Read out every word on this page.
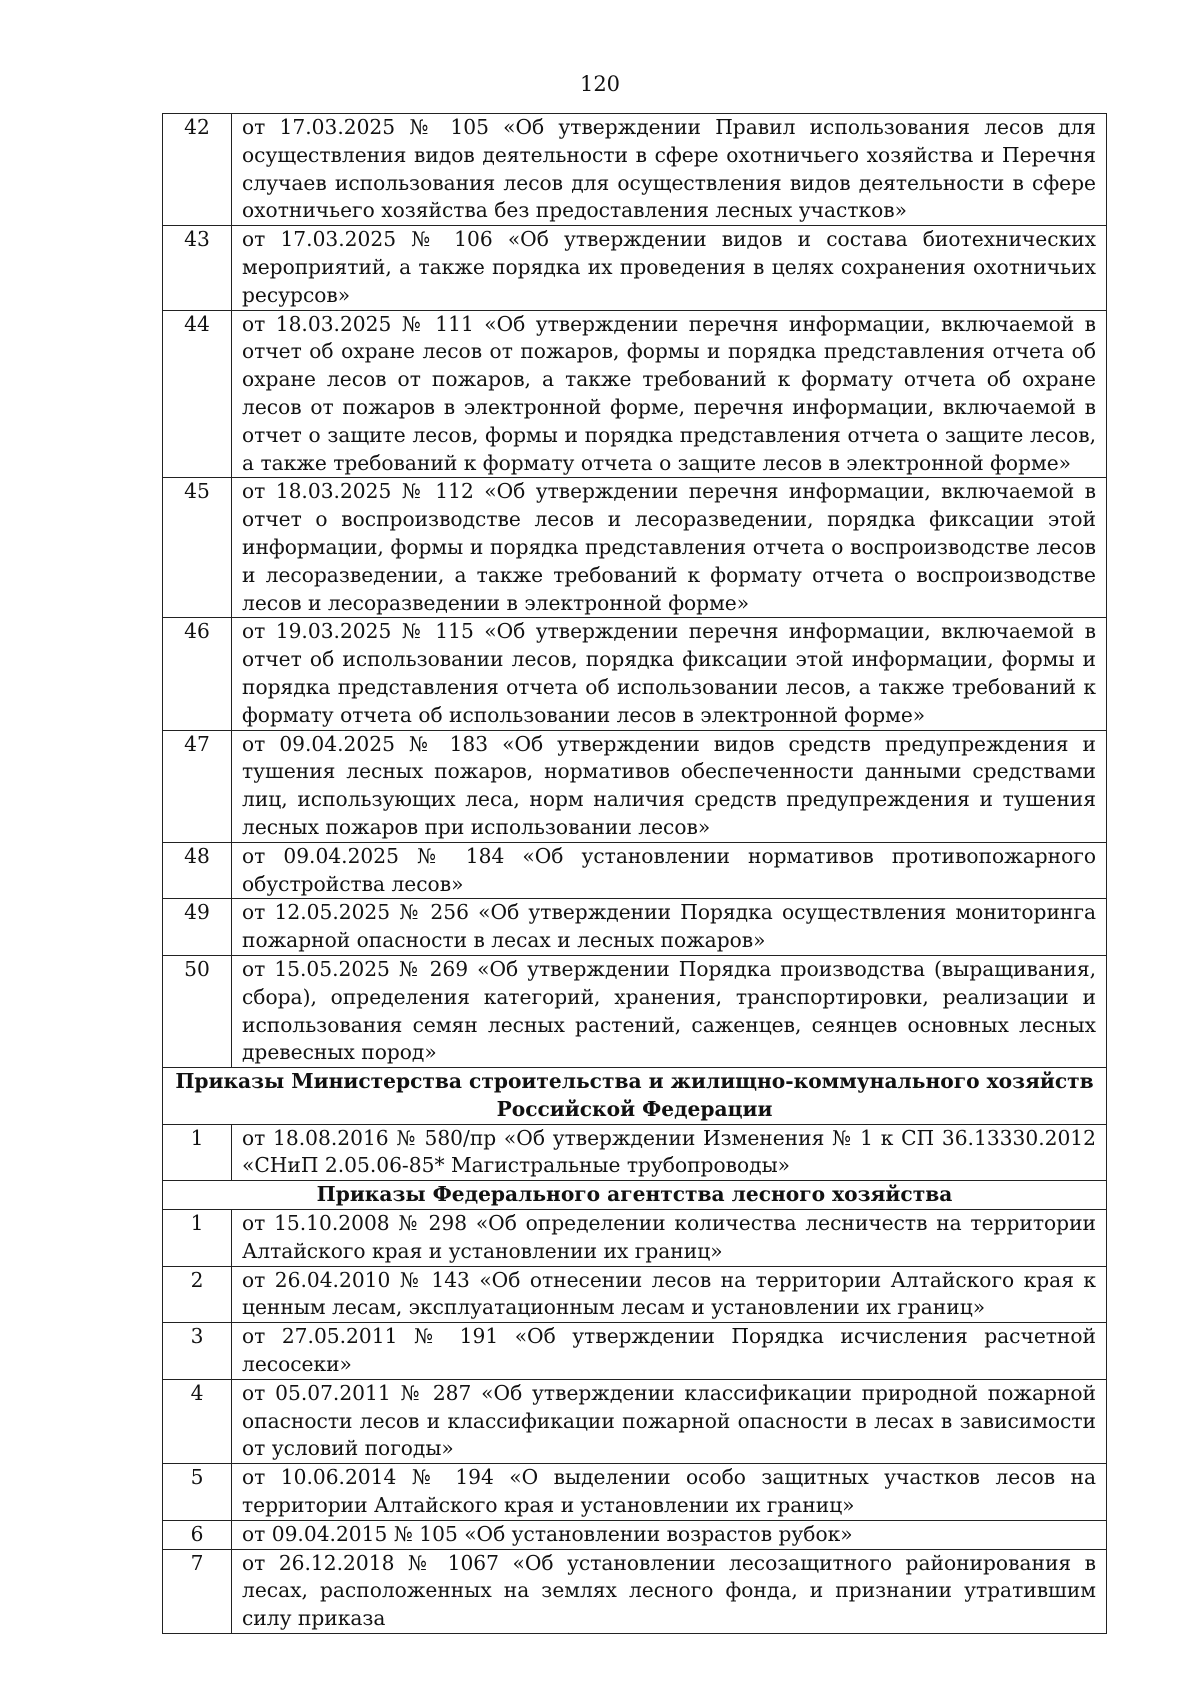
120
42	от 17.03.2025 № 105 «Об утверждении Правил использования лесов для осуществления видов деятельности в сфере охотничьего хозяйства и Перечня случаев использования лесов для осуществления видов деятельности в сфере охотничьего хозяйства без предоставления лесных участков»
43	от 17.03.2025 № 106 «Об утверждении видов и состава биотехнических мероприятий, а также порядка их проведения в целях сохранения охотничьих ресурсов»
44	от 18.03.2025 № 111 «Об утверждении перечня информации, включаемой в отчет об охране лесов от пожаров, формы и порядка представления отчета об охране лесов от пожаров, а также требований к формату отчета об охране лесов от пожаров в электронной форме, перечня информации, включаемой в отчет о защите лесов, формы и порядка представления отчета о защите лесов, а также требований к формату отчета о защите лесов в электронной форме»
45	от 18.03.2025 № 112 «Об утверждении перечня информации, включаемой в отчет о воспроизводстве лесов и лесоразведении, порядка фиксации этой информации, формы и порядка представления отчета о воспроизводстве лесов и лесоразведении, а также требований к формату отчета о воспроизводстве лесов и лесоразведении в электронной форме»
46	от 19.03.2025 № 115 «Об утверждении перечня информации, включаемой в отчет об использовании лесов, порядка фиксации этой информации, формы и порядка представления отчета об использовании лесов, а также требований к формату отчета об использовании лесов в электронной форме»
47	от 09.04.2025 № 183 «Об утверждении видов средств предупреждения и тушения лесных пожаров, нормативов обеспеченности данными средствами лиц, использующих леса, норм наличия средств предупреждения и тушения лесных пожаров при использовании лесов»
48	от 09.04.2025 № 184 «Об установлении нормативов противопожарного обустройства лесов»
49	от 12.05.2025 № 256 «Об утверждении Порядка осуществления мониторинга пожарной опасности в лесах и лесных пожаров»
50	от 15.05.2025 № 269 «Об утверждении Порядка производства (выращивания, сбора), определения категорий, хранения, транспортировки, реализации и использования семян лесных растений, саженцев, сеянцев основных лесных древесных пород»
Приказы Министерства строительства и жилищно-коммунального хозяйств Российской Федерации	
1	от 18.08.2016 № 580/пр «Об утверждении Изменения № 1 к СП 36.13330.2012 «СНиП 2.05.06-85* Магистральные трубопроводы»
Приказы Федерального агентства лесного хозяйства	
1	от 15.10.2008 № 298 «Об определении количества лесничеств на территории Алтайского края и установлении их границ»
2	от 26.04.2010 № 143 «Об отнесении лесов на территории Алтайского края к ценным лесам, эксплуатационным лесам и установлении их границ»
3	от 27.05.2011 № 191 «Об утверждении Порядка исчисления расчетной лесосеки»
4	от 05.07.2011 № 287 «Об утверждении классификации природной пожарной опасности лесов и классификации пожарной опасности в лесах в зависимости от условий погоды»
5	от 10.06.2014 № 194 «О выделении особо защитных участков лесов на территории Алтайского края и установлении их границ»
6	от 09.04.2015 № 105 «Об установлении возрастов рубок»
7	от 26.12.2018 № 1067 «Об установлении лесозащитного районирования в лесах, расположенных на землях лесного фонда, и признании утратившим силу приказа
